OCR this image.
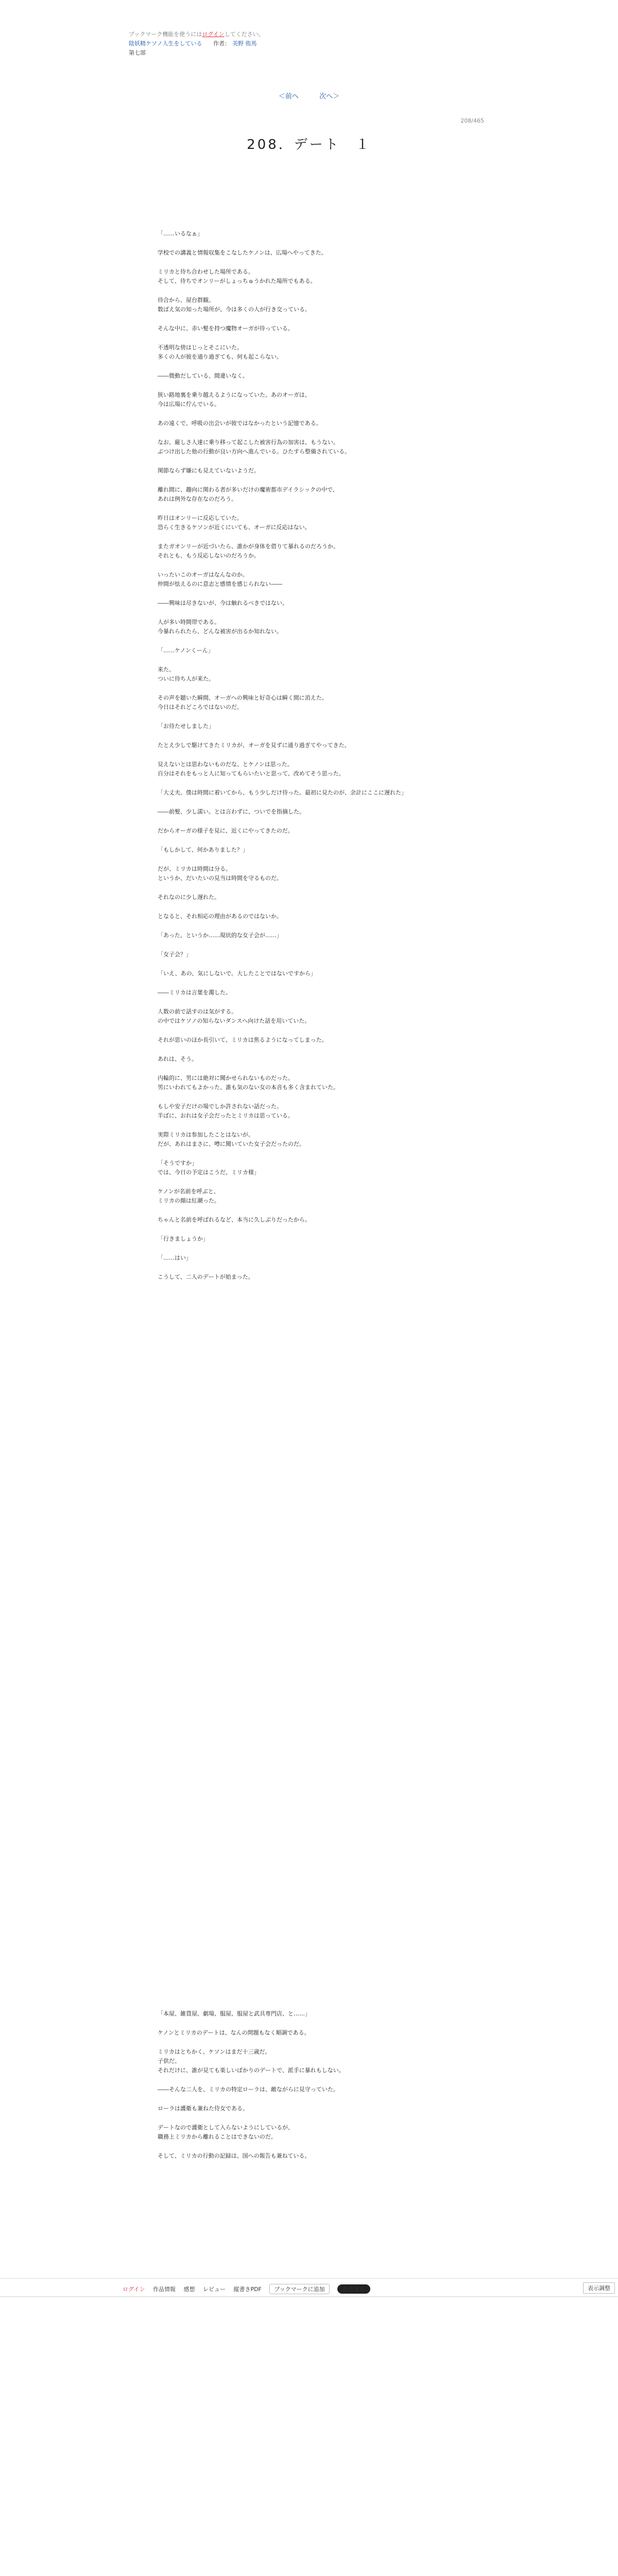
ブックマーク機能を使うにはログインしてください。
陰妖精ケソノ人生をしている 作者： 美野 侑馬
第七部
＜前へ	次へ＞
208/465
208．デート　１

「……いるなぁ」

学校での講義と情報収集をこなしたケノンは、広場へやってきた。

ミリカと待ち合わせした場所である。
そして、待ちでオンリーがしょっちゅうかれた場所でもある。

待合から、屋台群観。
数ばえ気の知った場所が、今は多くの人が行き交っている。

そんな中に、赤い髪を持つ魔物オーガが待っている。

不透明な傍はじっとそこにいた。
多くの人が彼を通り過ぎても、何も起こらない。

――微動だしている、間違いなく。

狭い路地裏を乗り越えるようになっていた。あのオーガは、
今は広場に佇んでいる。

あの遠くで、呼吸の出会いが彼ではなかったという記憶である。

なお、厳しさ人達に乗り移って起こした被害行為の加害は、もうない。
ぶつけ出した他の行動が良い方向へ進んでいる。ひたすら整備されている。

関節ならず嫌にも見えていないようだ。

離れ間に、趣向に関わる者が多いだけの魔術都市デイラシックの中で、
あれは例外な存在なのだろう。

昨日はオンリーに反応していた。
恐らく生きるケソンが近くにいても、オーガに反応はない。

またガオンリーが近づいたら、誰かが身体を借りて暴れるのだろうか。
それとも、もう反応しないのだろうか。

いったいこのオーガはなんなのか。
仲間が怯えるのに意志と感情を感じられない――

――興味は尽きないが、今は触れるべきではない。

人が多い時間帯である。
今暴れられたら、どんな被害が出るか知れない。

「……ケノンくーん」

来た。
ついに待ち人が来た。

その声を聴いた瞬間、オーガへの興味と好奇心は瞬く間に消えた。
今日はそれどころではないのだ。

「お待たせしました」

たとえ少しで駆けてきたミリカが、オーガを見ずに通り過ぎてやってきた。

見えないとは思わないものだな、とケノンは思った。
自分はそれをもっと人に知ってもらいたいと思って、改めてそう思った。

「大丈夫。僕は時間に着いてから、もう少しだけ待った。最初に見たのが、余計にここに遅れた」

――前髪、少し濡い。とは言わずに、ついでを指摘した。

だからオーガの様子を見に、近くにやってきたのだ。

「もしかして、何かありました？」

だが、ミリカは時間は分る。
というか、だいたいの見当は時間を守るものだ。

それなのに少し遅れた。

となると、それ相応の理由があるのではないか。

「あった、というか……現状的な女子会が……」

「女子会？」

「いえ、あの、気にしないで。大したことではないですから」

――ミリカは言葉を濁した。

人数の前で話すのは気がする。
の中ではケソノの知らないダンスへ向けた話を用いていた。

それが思いのほか長引いて、ミリカは焦るようになってしまった。

あれは、そう。

内輪的に、男には絶対に聞かせられないものだった。
男にいわれてもよかった、誰も気のない女の本音も多く含まれていた。

もしや安子だけの場でしか許されない話だった。
半ばに、おれは女子会だったとミリカは思っている。

実際ミリカは参加したことはないが。
だが、あれはまさに、噂に聞いていた女子会だったのだ。

「そうですか」
では、今日の予定はこうだ、ミリカ様」

ケノンが名前を呼ぶと、
ミリカの顔は紅潮った。

ちゃんと名前を呼ばれるなど、本当に久しぶりだったから。

「行きましょうか」

「……はい」

こうして、二人のデートが始まった。

「本屋、雑貨屋、劇場、服屋、服屋と武具専門店、と……」

ケノンとミリカのデートは、なんの問題もなく順調である。

ミリカはとちかく、ケソンはまだ十三歳だ。
子供だ。
それだけに、誰が見ても楽しいばかりのデートで、派手に暴れもしない。

――そんな二人を、ミリカの特定ローラは、敵ながらに見守っていた。

ローラは護衛も兼ねた侍女である。

デートなので護衛として入らないようにしているが、
職務上ミリカから離れることはできないのだ。

そして、ミリカの行動の記録は、国への報告も兼ねている。

ログイン 作品情報 感想 レビュー 縦書きPDF ブックマークに追加	たちまち	表示調整
